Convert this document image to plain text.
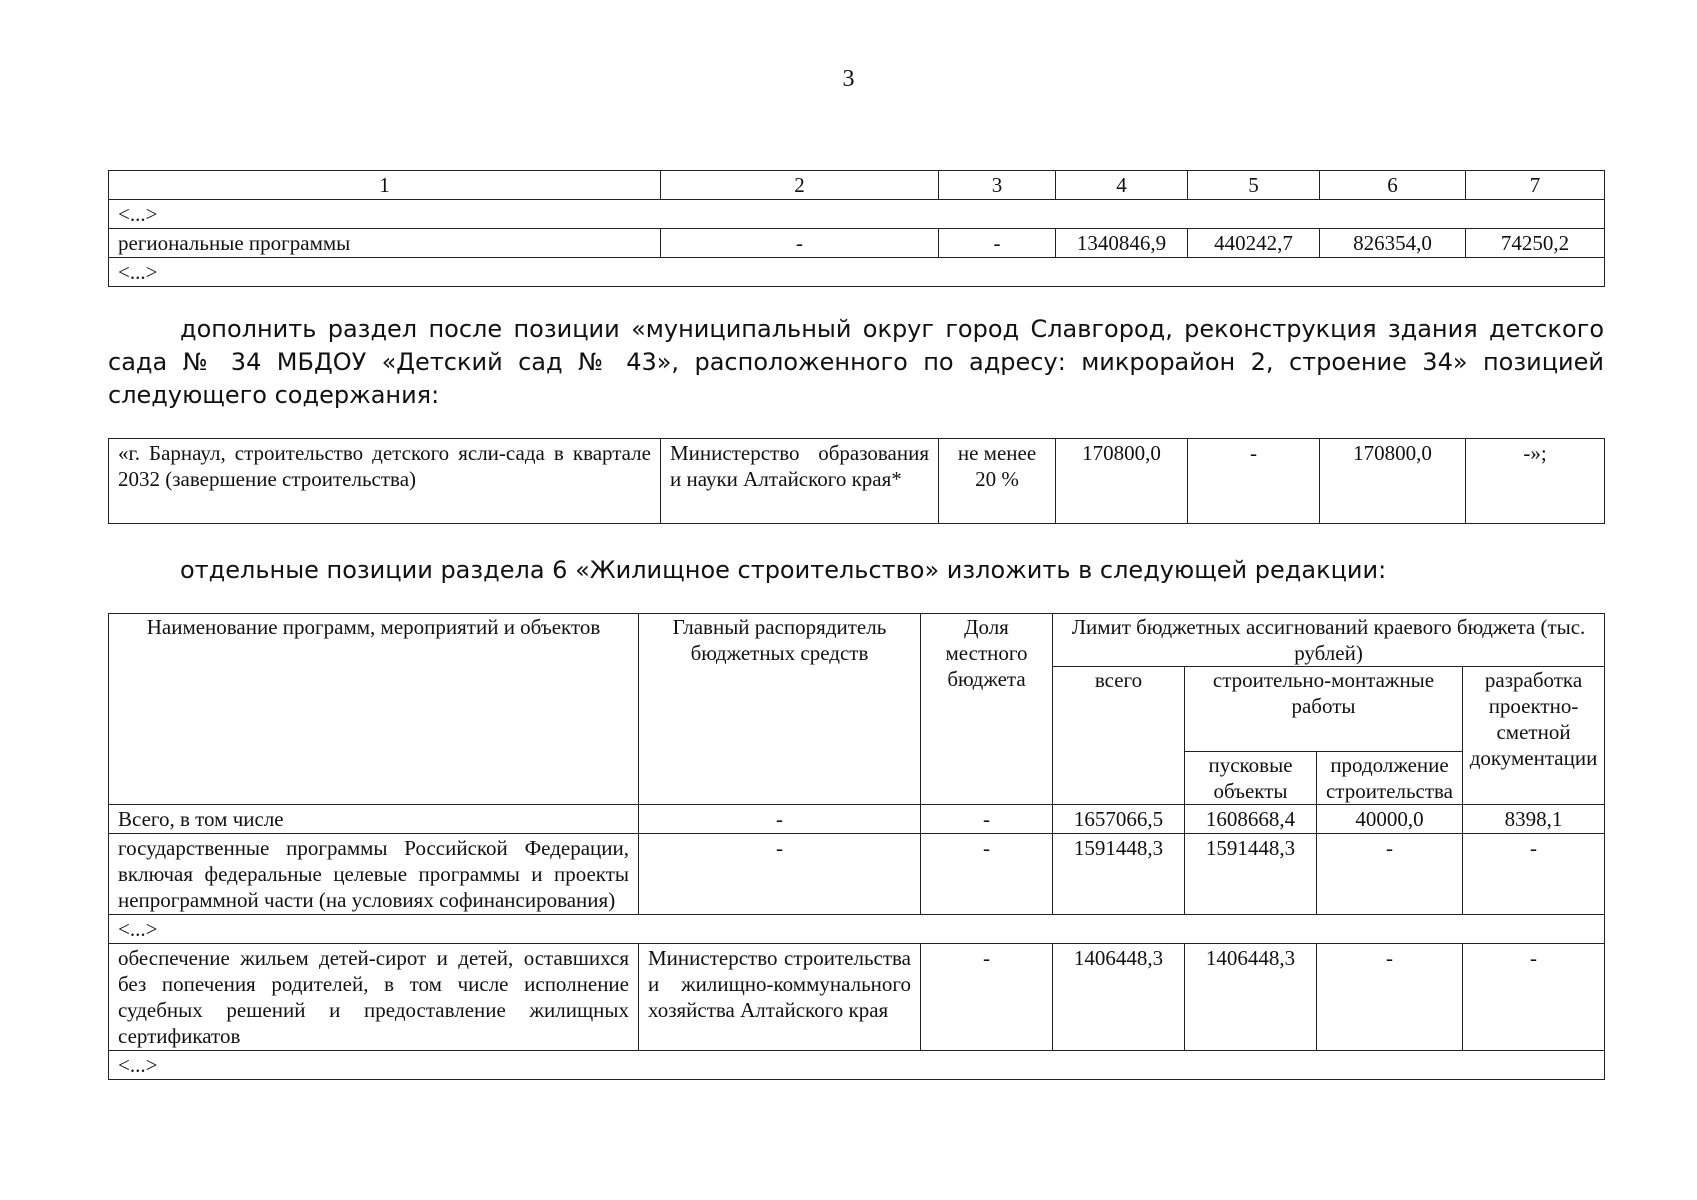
3
1	2	3	4	5	6	7
<...>						
региональные программы	-	-	1340846,9	440242,7	826354,0	74250,2
<...>						
дополнить раздел после позиции «муниципальный округ город Славгород, реконструкция здания детского сада № 34 МБДОУ «Детский сад № 43», расположенного по адресу: микрорайон 2, строение 34» позицией следующего содержания:
«г. Барнаул, строительство детского ясли-сада в квартале 2032 (завершение строительства)	Министерство образования и науки Алтайского края*	не менее 20 %	170800,0	-	170800,0	-»;
отдельные позиции раздела 6 «Жилищное строительство» изложить в следующей редакции:
Наименование программ, мероприятий и объектов	Главный распорядитель бюджетных средств	Доля местного бюджета	Лимит бюджетных ассигнований краевого бюджета (тыс. рублей)			
			всего	строительно-монтажные работы		разработка проектно-сметной документации
				пусковые объекты	продолжение строительства	

Всего, в том числе	-	-	1657066,5	1608668,4	40000,0	8398,1
государственные программы Российской Федерации, включая федеральные целевые программы и проекты непрограммной части (на условиях софинансирования)	-	-	1591448,3	1591448,3	-	-
<...>						
обеспечение жильем детей-сирот и детей, оставшихся без попечения родителей, в том числе исполнение судебных решений и предоставление жилищных сертификатов	Министерство строительства и жилищно-коммунального хозяйства Алтайского края	-	1406448,3	1406448,3	-	-
<...>						
